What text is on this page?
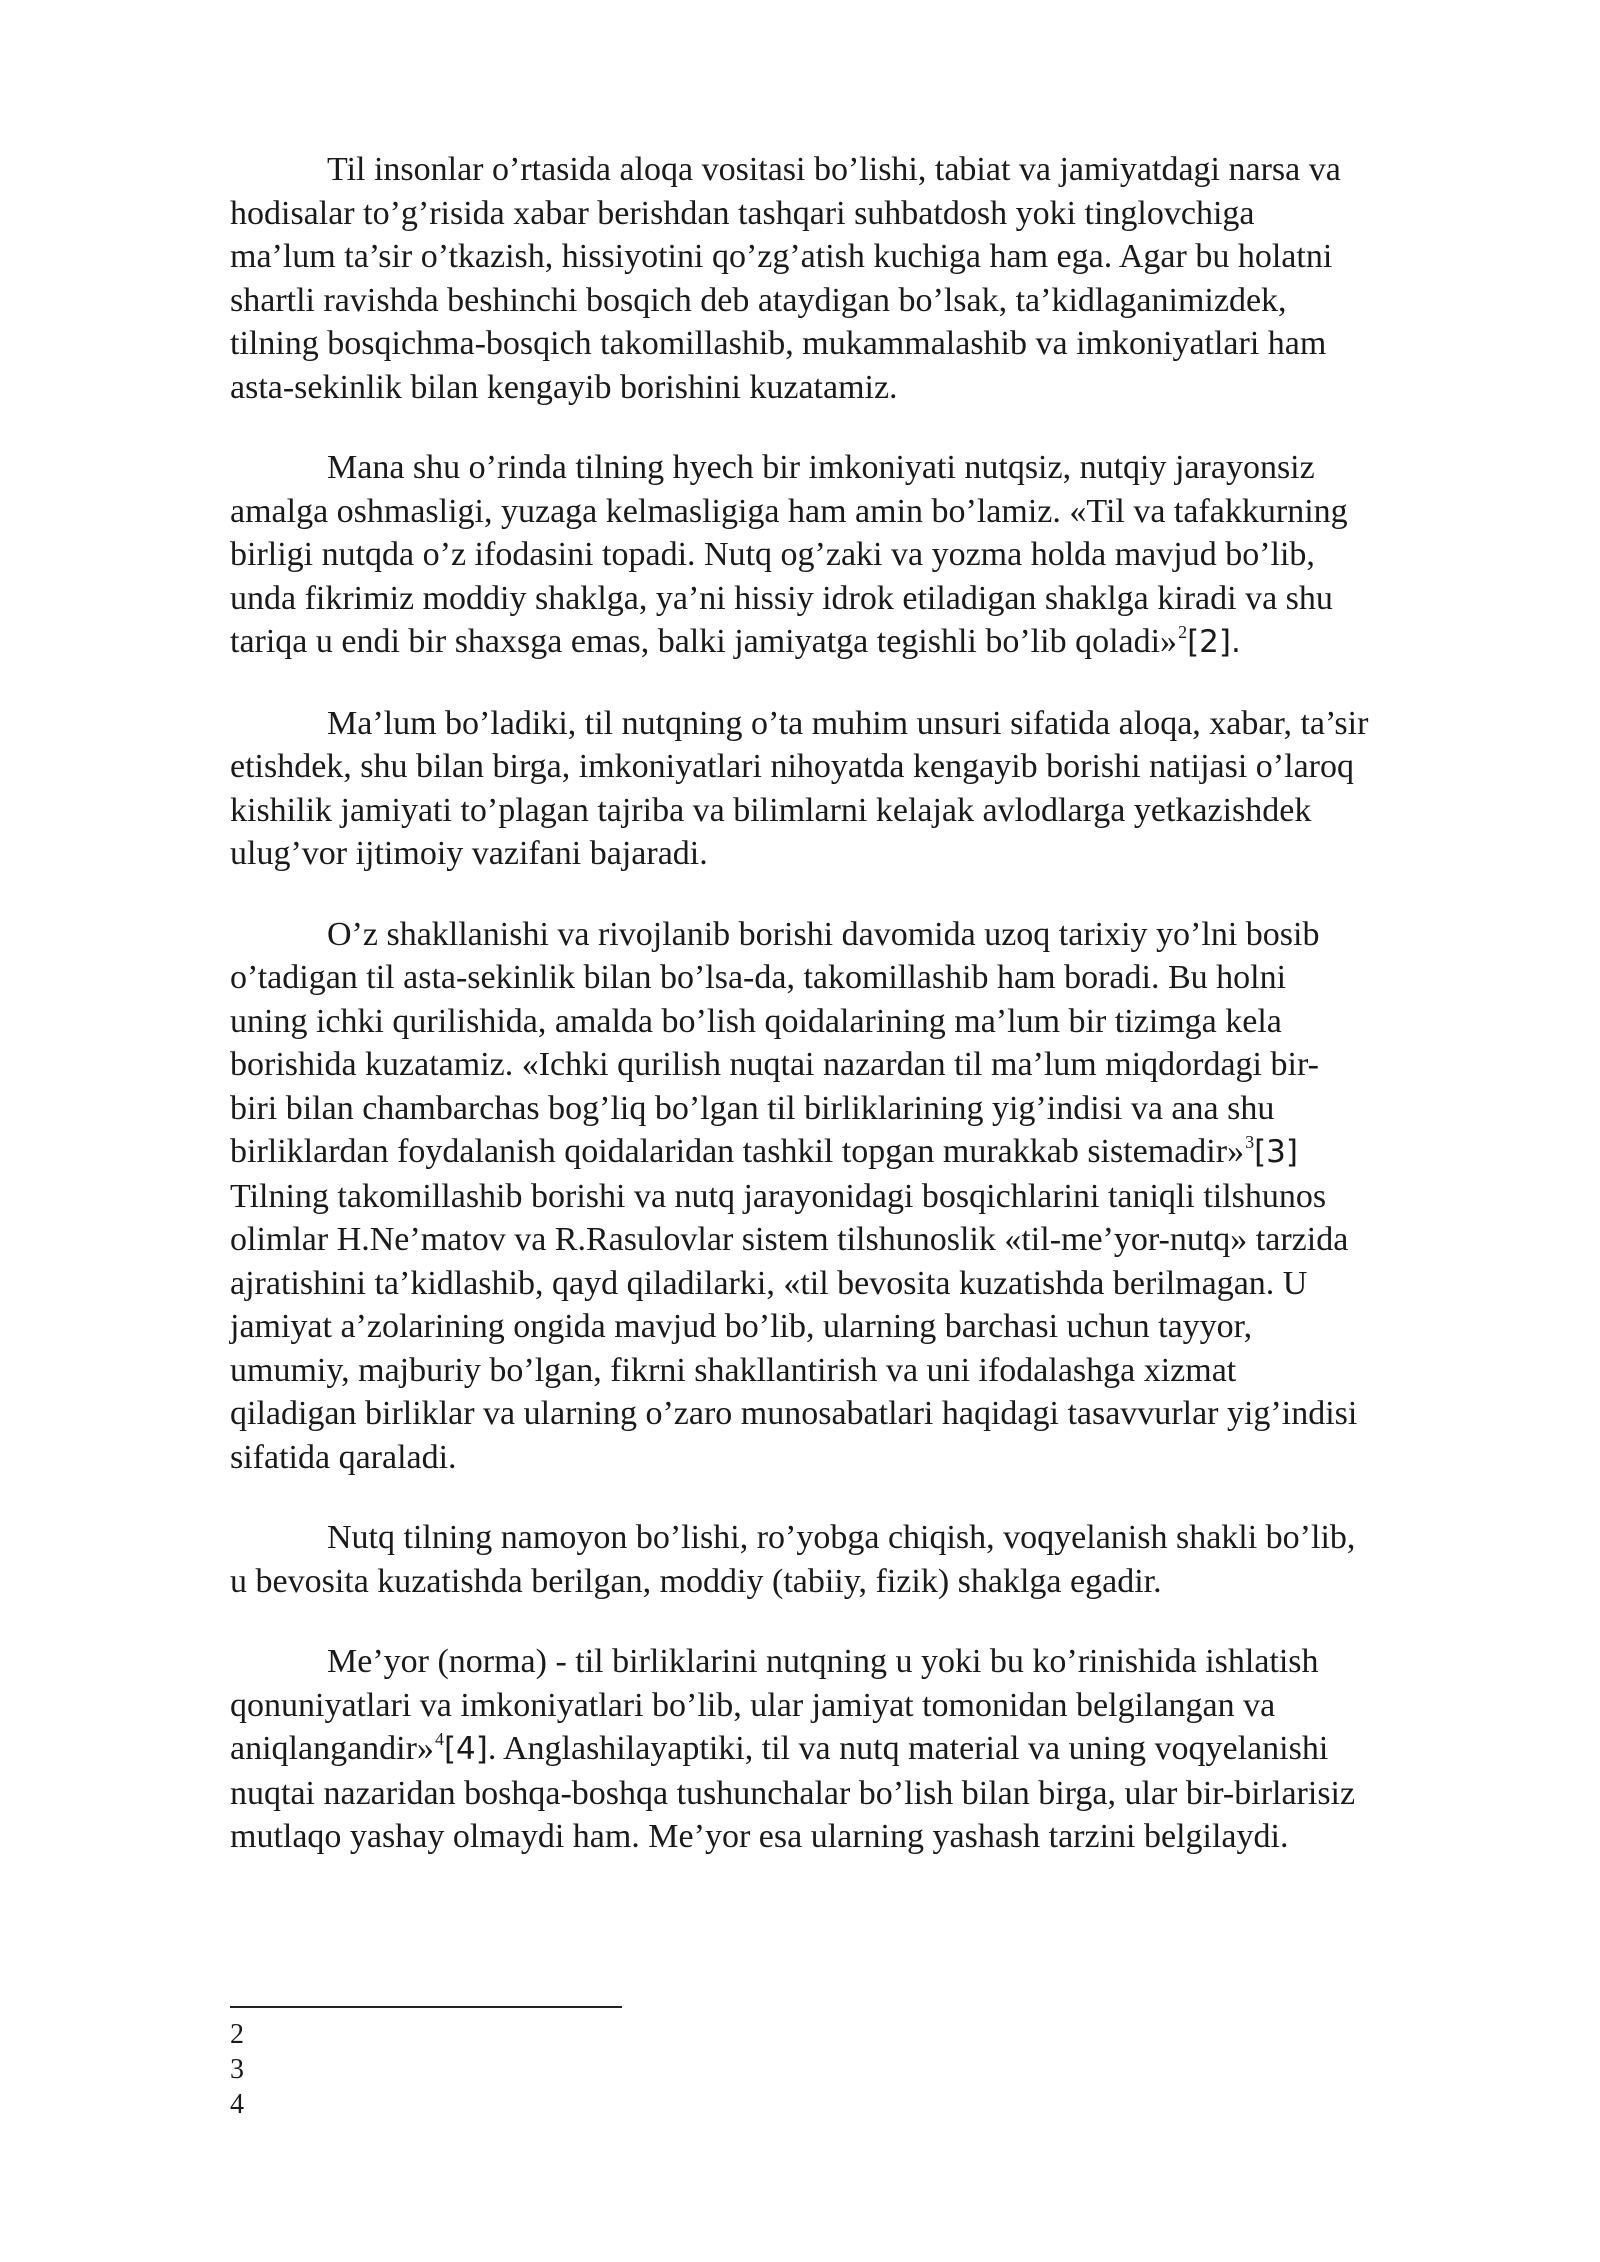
Til insonlar o’rtasida aloqa vositasi bo’lishi, tabiat va jamiyatdagi narsa va
hodisalar to’g’risida xabar berishdan tashqari suhbatdosh yoki tinglovchiga
ma’lum ta’sir o’tkazish, hissiyotini qo’zg’atish kuchiga ham ega. Agar bu holatni
shartli ravishda beshinchi bosqich deb ataydigan bo’lsak, ta’kidlaganimizdek,
tilning bosqichma-bosqich takomillashib, mukammalashib va imkoniyatlari ham
asta-sekinlik bilan kengayib borishini kuzatamiz.

Mana shu o’rinda tilning hyech bir imkoniyati nutqsiz, nutqiy jarayonsiz
amalga oshmasligi, yuzaga kelmasligiga ham amin bo’lamiz. «Til va tafakkurning
birligi nutqda o’z ifodasini topadi. Nutq og’zaki va yozma holda mavjud bo’lib,
unda fikrimiz moddiy shaklga, ya’ni hissiy idrok etiladigan shaklga kiradi va shu
tariqa u endi bir shaxsga emas, balki jamiyatga tegishli bo’lib qoladi»$^2$[2].

Ma’lum bo’ladiki, til nutqning o’ta muhim unsuri sifatida aloqa, xabar, ta’sir
etishdek, shu bilan birga, imkoniyatlari nihoyatda kengayib borishi natijasi o’laroq
kishilik jamiyati to’plagan tajriba va bilimlarni kelajak avlodlarga yetkazishdek
ulug’vor ijtimoiy vazifani bajaradi.

O’z shakllanishi va rivojlanib borishi davomida uzoq tarixiy yo’lni bosib
o’tadigan til asta-sekinlik bilan bo’lsa-da, takomillashib ham boradi. Bu holni
uning ichki qurilishida, amalda bo’lish qoidalarining ma’lum bir tizimga kela
borishida kuzatamiz. «Ichki qurilish nuqtai nazardan til ma’lum miqdordagi bir-
biri bilan chambarchas bog’liq bo’lgan til birliklarining yig’indisi va ana shu
birliklardan foydalanish qoidalaridan tashkil topgan murakkab sistemadir»$^3$[3]
Tilning takomillashib borishi va nutq jarayonidagi bosqichlarini taniqli tilshunos
olimlar H.Ne’matov va R.Rasulovlar sistem tilshunoslik «til-me’yor-nutq» tarzida
ajratishini ta’kidlashib, qayd qiladilarki, «til bevosita kuzatishda berilmagan. U
jamiyat a’zolarining ongida mavjud bo’lib, ularning barchasi uchun tayyor,
umumiy, majburiy bo’lgan, fikrni shakllantirish va uni ifodalashga xizmat
qiladigan birliklar va ularning o’zaro munosabatlari haqidagi tasavvurlar yig’indisi
sifatida qaraladi.

Nutq tilning namoyon bo’lishi, ro’yobga chiqish, voqyelanish shakli bo’lib,
u bevosita kuzatishda berilgan, moddiy (tabiiy, fizik) shaklga egadir.

Me’yor (norma) - til birliklarini nutqning u yoki bu ko’rinishida ishlatish
qonuniyatlari va imkoniyatlari bo’lib, ular jamiyat tomonidan belgilangan va
aniqlangandir»$^4$[4]. Anglashilayaptiki, til va nutq material va uning voqyelanishi
nuqtai nazaridan boshqa-boshqa tushunchalar bo’lish bilan birga, ular bir-birlarisiz
mutlaqo yashay olmaydi ham. Me’yor esa ularning yashash tarzini belgilaydi.

2
3
4
